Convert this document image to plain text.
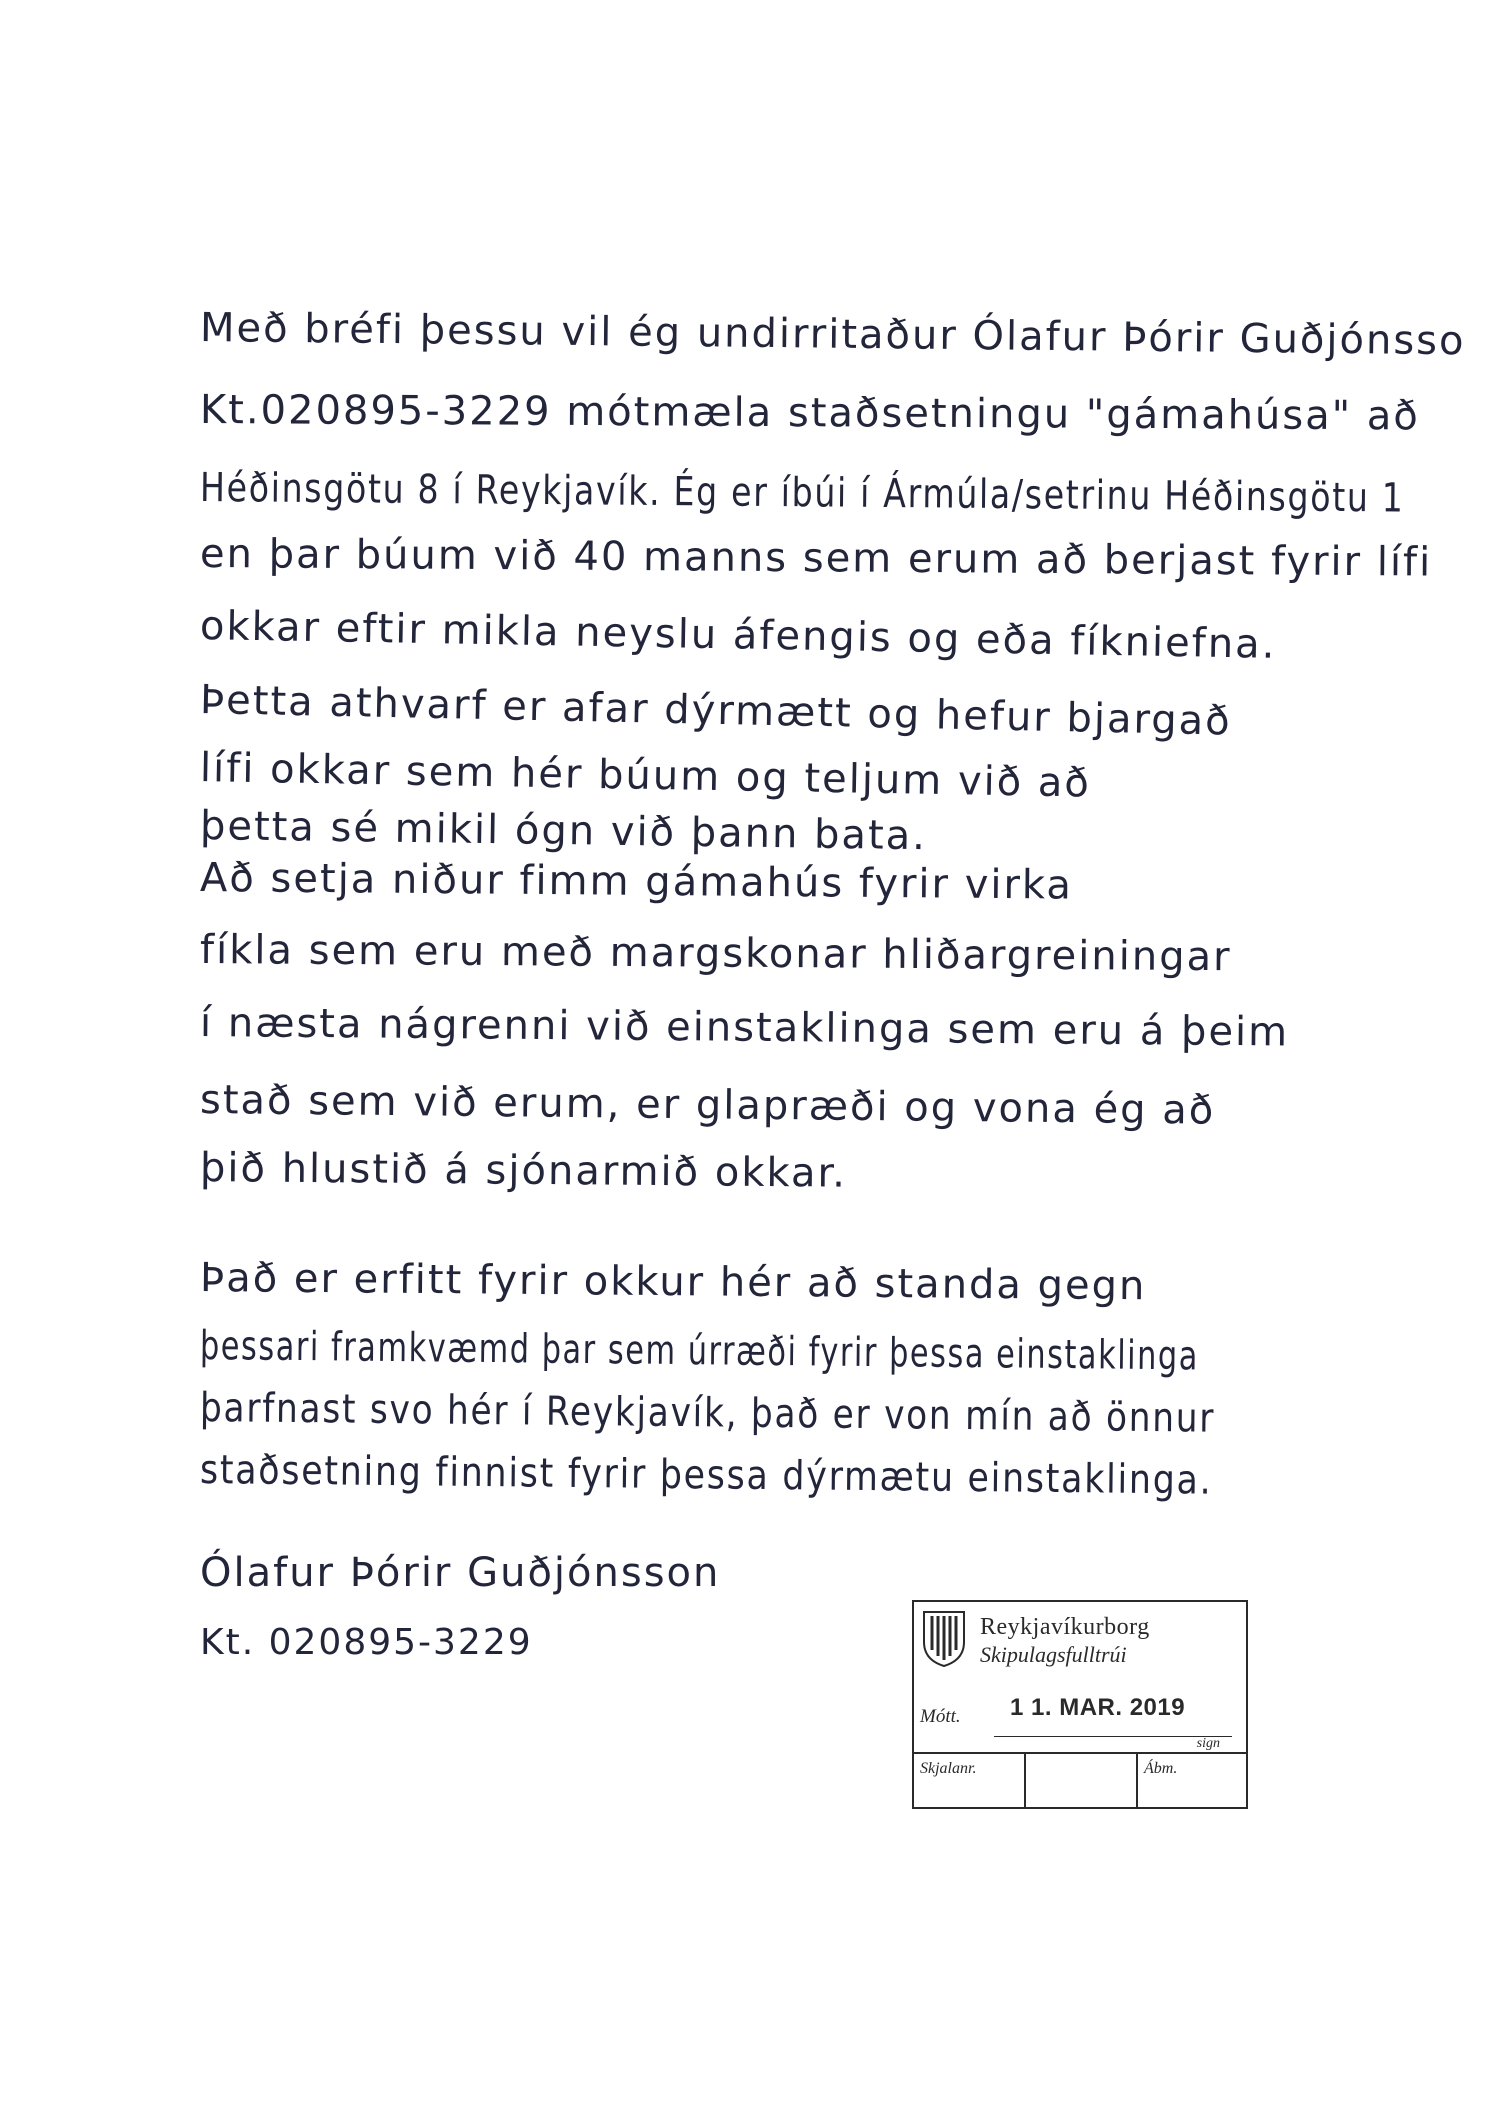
Með bréfi þessu vil ég undirritaður Ólafur Þórir Guðjónsso
Kt.020895-3229 mótmæla staðsetningu "gámahúsa" að
Héðinsgötu 8 í Reykjavík. Ég er íbúi í Ármúla/setrinu Héðinsgötu 1
en þar búum við 40 manns sem erum að berjast fyrir lífi
okkar eftir mikla neyslu áfengis og eða fíkniefna.
Þetta athvarf er afar dýrmætt og hefur bjargað
lífi okkar sem hér búum og teljum við að
þetta sé mikil ógn við þann bata.
Að setja niður fimm gámahús fyrir virka
fíkla sem eru með margskonar hliðargreiningar
í næsta nágrenni við einstaklinga sem eru á þeim
stað sem við erum, er glapræði og vona ég að
þið hlustið á sjónarmið okkar.
Það er erfitt fyrir okkur hér að standa gegn
þessari framkvæmd þar sem úrræði fyrir þessa einstaklinga
þarfnast svo hér í Reykjavík, það er von mín að önnur
staðsetning finnist fyrir þessa dýrmætu einstaklinga.
Ólafur Þórir Guðjónsson
Kt. 020895-3229	Reykjavíkurborg
Skipulagsfulltrúi
Mótt. 1 1. MAR. 2019
sign
Skjalanr.	Ábm.
